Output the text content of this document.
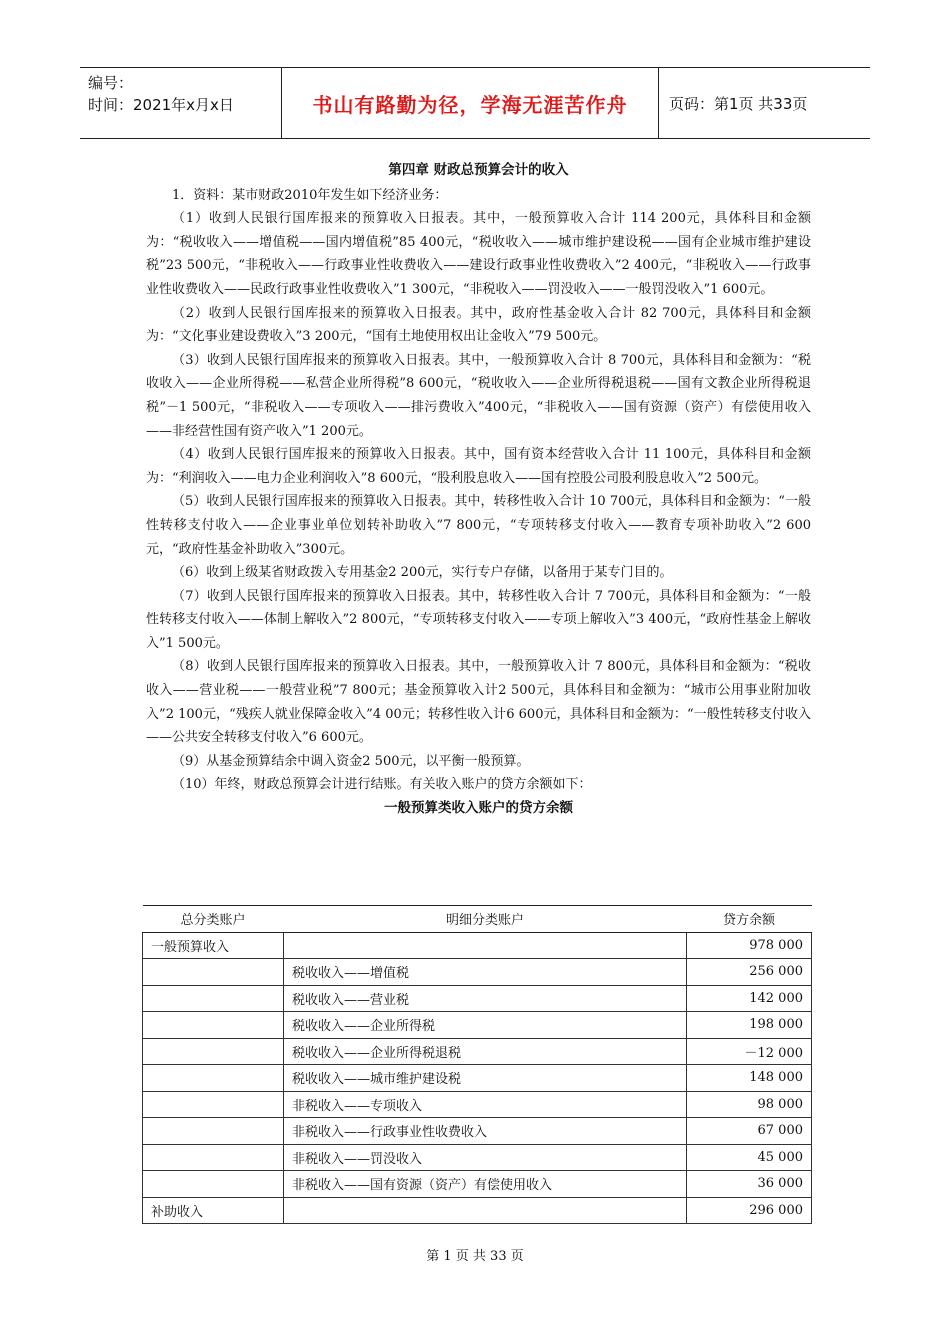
编号：
时间：2021年x月x日	书山有路勤为径，学海无涯苦作舟	页码：第1页 共33页
第四章 财政总预算会计的收入

1．资料：某市财政2010年发生如下经济业务：

（1）收到人民银行国库报来的预算收入日报表。其中，一般预算收入合计 114 200元，具体科目和金额为：“税收收入——增值税——国内增值税”85 400元，“税收收入——城市维护建设税——国有企业城市维护建设税”23 500元，“非税收入——行政事业性收费收入——建设行政事业性收费收入”2 400元，“非税收入——行政事业性收费收入——民政行政事业性收费收入”1 300元，“非税收入——罚没收入——一般罚没收入”1 600元。

（2）收到人民银行国库报来的预算收入日报表。其中，政府性基金收入合计 82 700元，具体科目和金额为：“文化事业建设费收入”3 200元，“国有土地使用权出让金收入”79 500元。

（3）收到人民银行国库报来的预算收入日报表。其中，一般预算收入合计 8 700元，具体科目和金额为：“税收收入——企业所得税——私营企业所得税”8 600元，“税收收入——企业所得税退税——国有文教企业所得税退税”－1 500元，“非税收入——专项收入——排污费收入”400元，“非税收入——国有资源（资产）有偿使用收入——非经营性国有资产收入”1 200元。

（4）收到人民银行国库报来的预算收入日报表。其中，国有资本经营收入合计 11 100元，具体科目和金额为：“利润收入——电力企业利润收入”8 600元，“股利股息收入——国有控股公司股利股息收入”2 500元。

（5）收到人民银行国库报来的预算收入日报表。其中，转移性收入合计 10 700元，具体科目和金额为：“一般性转移支付收入——企业事业单位划转补助收入”7 800元，“专项转移支付收入——教育专项补助收入”2 600元，“政府性基金补助收入”300元。

（6）收到上级某省财政拨入专用基金2 200元，实行专户存储，以备用于某专门目的。

（7）收到人民银行国库报来的预算收入日报表。其中，转移性收入合计 7 700元，具体科目和金额为：“一般性转移支付收入——体制上解收入”2 800元，“专项转移支付收入——专项上解收入”3 400元，“政府性基金上解收入”1 500元。

（8）收到人民银行国库报来的预算收入日报表。其中，一般预算收入计 7 800元，具体科目和金额为：“税收收入——营业税——一般营业税”7 800元；基金预算收入计2 500元，具体科目和金额为：“城市公用事业附加收入”2 100元，“残疾人就业保障金收入”4 00元；转移性收入计6 600元，具体科目和金额为：“一般性转移支付收入——公共安全转移支付收入”6 600元。

（9）从基金预算结余中调入资金2 500元，以平衡一般预算。

（10）年终，财政总预算会计进行结账。有关收入账户的贷方余额如下：

一般预算类收入账户的贷方余额
总分类账户	明细分类账户	贷方余额
一般预算收入		978 000
	税收收入——增值税	256 000
	税收收入——营业税	142 000
	税收收入——企业所得税	198 000
	税收收入——企业所得税退税	－12 000
	税收收入——城市维护建设税	148 000
	非税收入——专项收入	98 000
	非税收入——行政事业性收费收入	67 000
	非税收入——罚没收入	45 000
	非税收入——国有资源（资产）有偿使用收入	36 000
补助收入		296 000
第 1 页 共 33 页
